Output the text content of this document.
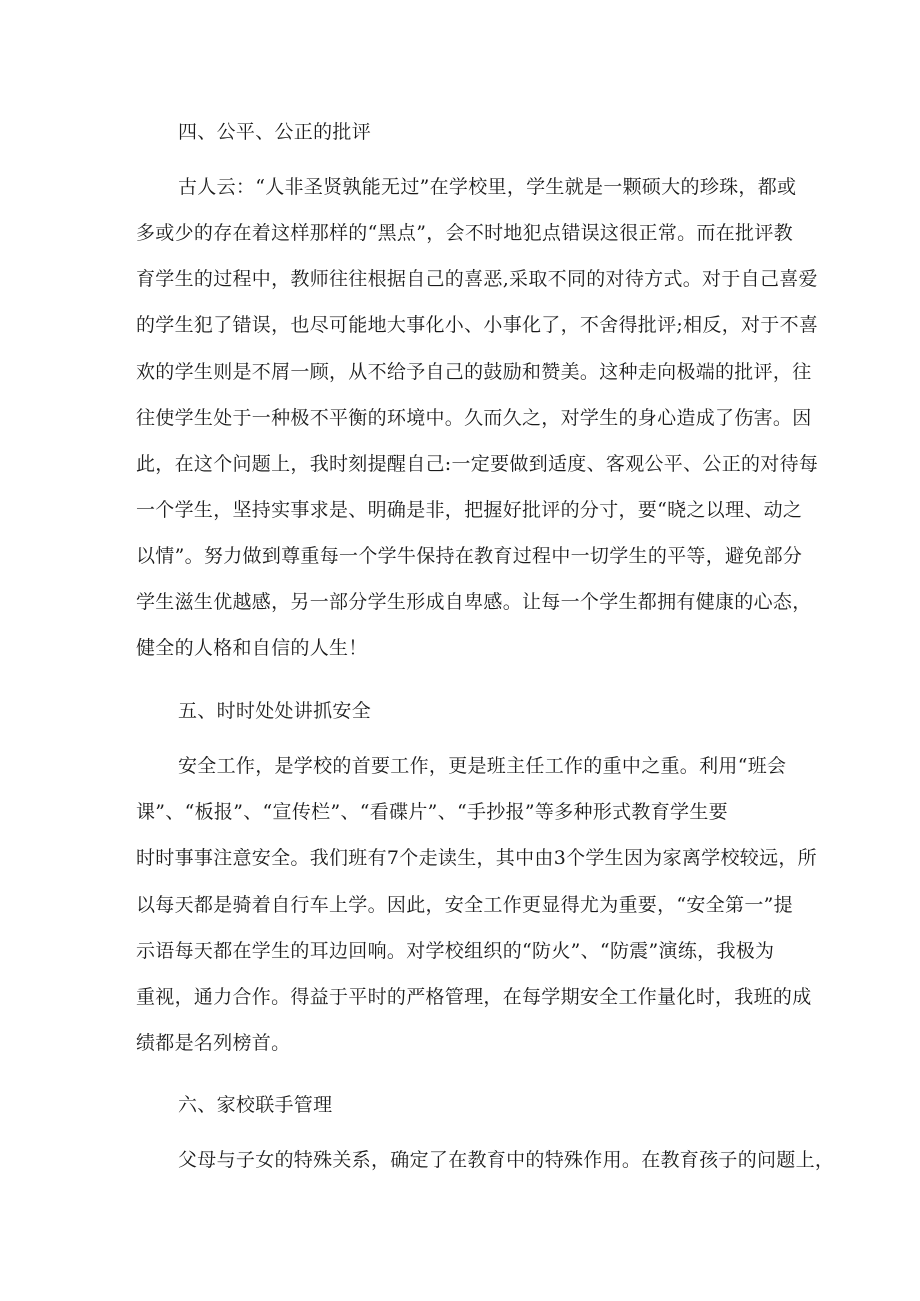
四、公平、公正的批评
古人云：“人非圣贤孰能无过”在学校里，学生就是一颗硕大的珍珠，都或
多或少的存在着这样那样的“黑点”，会不时地犯点错误这很正常。而在批评教
育学生的过程中，教师往往根据自己的喜恶,采取不同的对待方式。对于自己喜爱
的学生犯了错误，也尽可能地大事化小、小事化了，不舍得批评;相反，对于不喜
欢的学生则是不屑一顾，从不给予自己的鼓励和赞美。这种走向极端的批评，往
往使学生处于一种极不平衡的环境中。久而久之，对学生的身心造成了伤害。因
此，在这个问题上，我时刻提醒自己:一定要做到适度、客观公平、公正的对待每
一个学生，坚持实事求是、明确是非，把握好批评的分寸，要“晓之以理、动之
以情”。努力做到尊重每一个学牛保持在教育过程中一切学生的平等，避免部分
学生滋生优越感，另一部分学生形成自卑感。让每一个学生都拥有健康的心态，
健全的人格和自信的人生！
五、时时处处讲抓安全
安全工作，是学校的首要工作，更是班主任工作的重中之重。利用“班会
课”、“板报”、“宣传栏”、“看碟片”、“手抄报”等多种形式教育学生要
时时事事注意安全。我们班有7个走读生，其中由3个学生因为家离学校较远，所
以每天都是骑着自行车上学。因此，安全工作更显得尤为重要，“安全第一”提
示语每天都在学生的耳边回响。对学校组织的“防火”、“防震”演练，我极为
重视，通力合作。得益于平时的严格管理，在每学期安全工作量化时，我班的成
绩都是名列榜首。
六、家校联手管理
父母与子女的特殊关系，确定了在教育中的特殊作用。在教育孩子的问题上，
